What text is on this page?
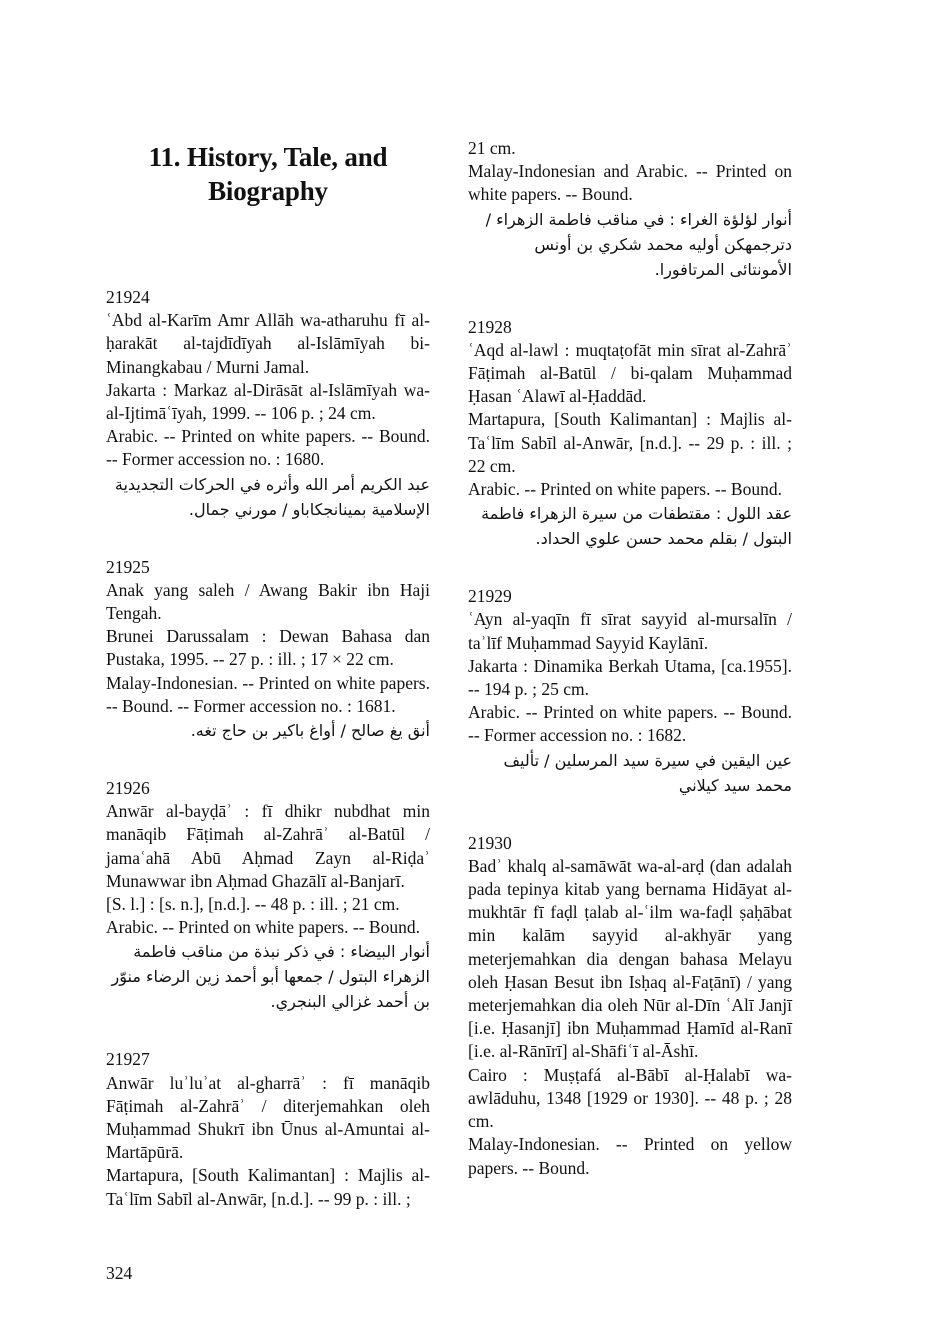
11. History, Tale, and Biography
21924
ʿAbd al-Karīm Amr Allāh wa-atharuhu fī al-ḥarakāt al-tajdīdīyah al-Islāmīyah bi-Minangkabau / Murni Jamal.
Jakarta : Markaz al-Dirāsāt al-Islāmīyah wa-al-Ijtimāʿīyah, 1999. -- 106 p. ; 24 cm.
Arabic. -- Printed on white papers. -- Bound. -- Former accession no. : 1680.
عبد الكريم أمر الله وأثره في الحركات التجديدية الإسلامية بمينانجكاباو / مورني جمال.
21925
Anak yang saleh / Awang Bakir ibn Haji Tengah.
Brunei Darussalam : Dewan Bahasa dan Pustaka, 1995. -- 27 p. : ill. ; 17 × 22 cm.
Malay-Indonesian. -- Printed on white papers. -- Bound. -- Former accession no. : 1681.
أنق يغ صالح / أواغ باكير بن حاج تغه.
21926
Anwār al-bayḍāʾ : fī dhikr nubdhat min manāqib Fāṭimah al-Zahrāʾ al-Batūl / jamaʿahā Abū Aḥmad Zayn al-Riḍaʾ Munawwar ibn Aḥmad Ghazālī al-Banjarī.
[S. l.] : [s. n.], [n.d.]. -- 48 p. : ill. ; 21 cm.
Arabic. -- Printed on white papers. -- Bound.
أنوار البيضاء : في ذكر نبذة من مناقب فاطمة الزهراء البتول / جمعها أبو أحمد زين الرضاء منوّر بن أحمد غزالي البنجري.
21927
Anwār luʾluʾat al-gharrāʾ : fī manāqib Fāṭimah al-Zahrāʾ / diterjemahkan oleh Muḥammad Shukrī ibn Ūnus al-Amuntai al-Martāpūrā.
Martapura, [South Kalimantan] : Majlis al-Taʿlīm Sabīl al-Anwār, [n.d.]. -- 99 p. : ill. ;
21 cm.
Malay-Indonesian and Arabic. -- Printed on white papers. -- Bound.
أنوار لؤلؤة الغراء : في مناقب فاطمة الزهراء / دترجمهكن أوليه محمد شكري بن أونس الأمونتائى المرتافورا.
21928
ʿAqd al-lawl : muqtaṭofāt min sīrat al-Zahrāʾ Fāṭimah al-Batūl / bi-qalam Muḥammad Ḥasan ʿAlawī al-Ḥaddād.
Martapura, [South Kalimantan] : Majlis al-Taʿlīm Sabīl al-Anwār, [n.d.]. -- 29 p. : ill. ; 22 cm.
Arabic. -- Printed on white papers. -- Bound.
عقد اللول : مقتطفات من سيرة الزهراء فاطمة البتول / بقلم محمد حسن علوي الحداد.
21929
ʿAyn al-yaqīn fī sīrat sayyid al-mursalīn / taʾlīf Muḥammad Sayyid Kaylānī.
Jakarta : Dinamika Berkah Utama, [ca.1955]. -- 194 p. ; 25 cm.
Arabic. -- Printed on white papers. -- Bound. -- Former accession no. : 1682.
عين اليقين في سيرة سيد المرسلين / تأليف محمد سيد كيلاني
21930
Badʾ khalq al-samāwāt wa-al-arḍ (dan adalah pada tepinya kitab yang bernama Hidāyat al-mukhtār fī faḍl ṭalab al-ʿilm wa-faḍl ṣaḥābat min kalām sayyid al-akhyār yang meterjemahkan dia dengan bahasa Melayu oleh Ḥasan Besut ibn Isḥaq al-Faṭānī) / yang meterjemahkan dia oleh Nūr al-Dīn ʿAlī Janjī [i.e. Ḥasanjī] ibn Muḥammad Ḥamīd al-Ranī [i.e. al-Rānīrī] al-Shāfiʿī al-Āshī.
Cairo : Muṣṭafá al-Bābī al-Ḥalabī wa-awlāduhu, 1348 [1929 or 1930]. -- 48 p. ; 28 cm.
Malay-Indonesian. -- Printed on yellow papers. -- Bound.
324
